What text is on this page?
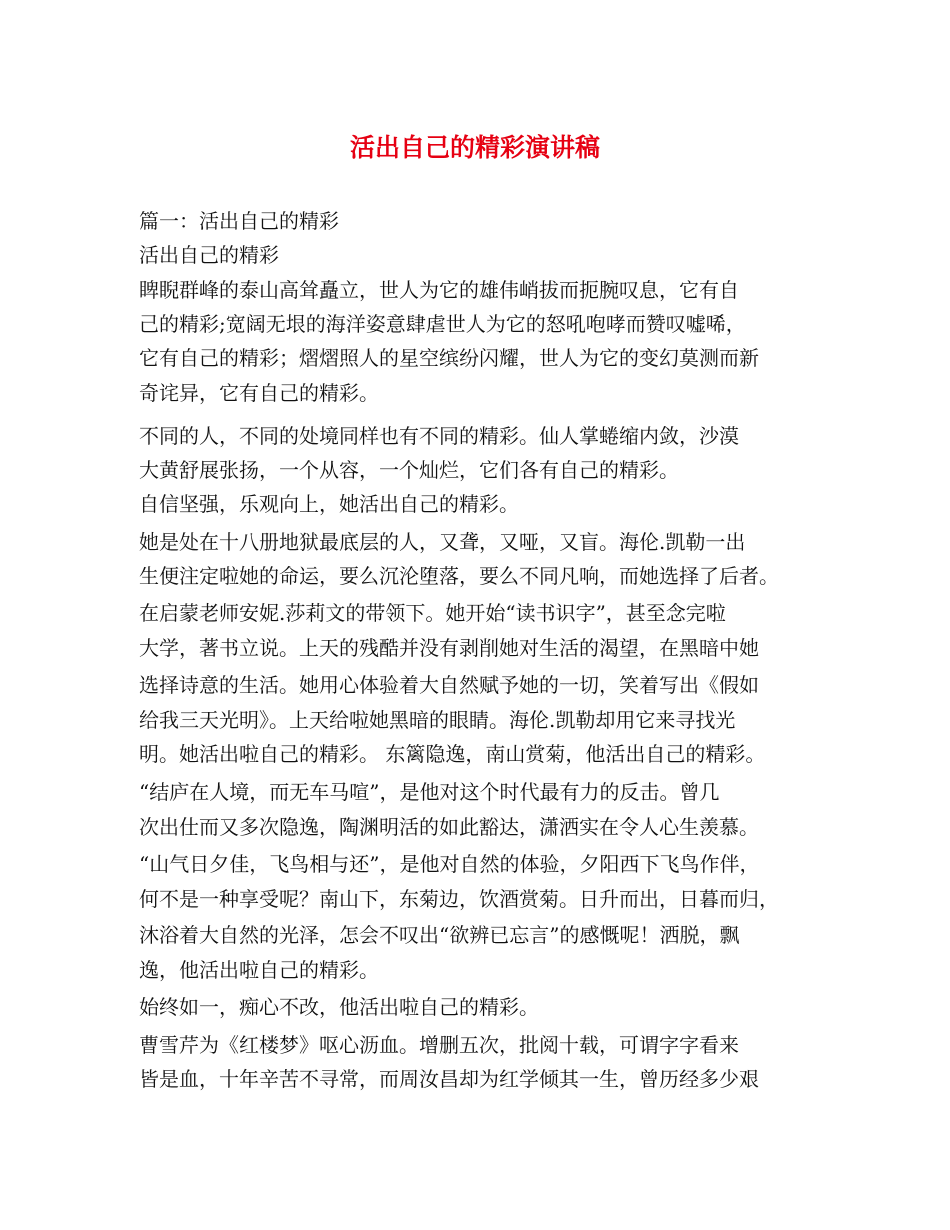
活出自己的精彩演讲稿

篇一：活出自己的精彩

活出自己的精彩

睥睨群峰的泰山高耸矗立，世人为它的雄伟峭拔而扼腕叹息，它有自

己的精彩;宽阔无垠的海洋姿意肆虐世人为它的怒吼咆哮而赞叹嘘唏，

它有自己的精彩；熠熠照人的星空缤纷闪耀，世人为它的变幻莫测而新

奇诧异，它有自己的精彩。

不同的人，不同的处境同样也有不同的精彩。仙人掌蜷缩内敛，沙漠

大黄舒展张扬，一个从容，一个灿烂，它们各有自己的精彩。

自信坚强，乐观向上，她活出自己的精彩。

她是处在十八册地狱最底层的人，又聋，又哑，又盲。海伦.凯勒一出

生便注定啦她的命运，要么沉沦堕落，要么不同凡响，而她选择了后者。

在启蒙老师安妮.莎莉文的带领下。她开始“读书识字”，甚至念完啦

大学，著书立说。上天的残酷并没有剥削她对生活的渴望，在黑暗中她

选择诗意的生活。她用心体验着大自然赋予她的一切，笑着写出《假如

给我三天光明》。上天给啦她黑暗的眼睛。海伦.凯勒却用它来寻找光

明。她活出啦自己的精彩。 东篱隐逸，南山赏菊，他活出自己的精彩。

“结庐在人境，而无车马喧”，是他对这个时代最有力的反击。曾几

次出仕而又多次隐逸，陶渊明活的如此豁达，潇洒实在令人心生羡慕。

“山气日夕佳，飞鸟相与还”，是他对自然的体验，夕阳西下飞鸟作伴，

何不是一种享受呢？南山下，东菊边，饮酒赏菊。日升而出，日暮而归，

沐浴着大自然的光泽，怎会不叹出“欲辨已忘言”的感慨呢！洒脱，飘

逸，他活出啦自己的精彩。

始终如一，痴心不改，他活出啦自己的精彩。

曹雪芹为《红楼梦》呕心沥血。增删五次，批阅十载，可谓字字看来

皆是血，十年辛苦不寻常，而周汝昌却为红学倾其一生，曾历经多少艰
